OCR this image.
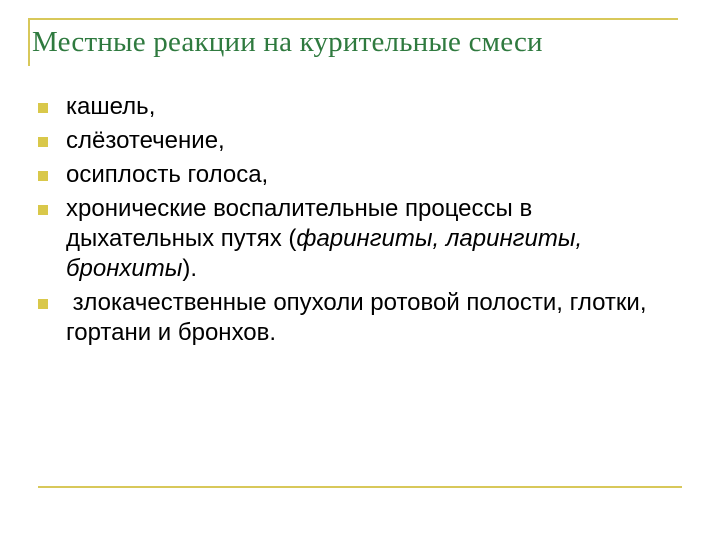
Местные реакции на курительные смеси
кашель,
слёзотечение,
осиплость голоса,
хронические воспалительные процессы в дыхательных путях (фарингиты, ларингиты, бронхиты).
злокачественные опухоли ротовой полости, глотки, гортани и бронхов.
